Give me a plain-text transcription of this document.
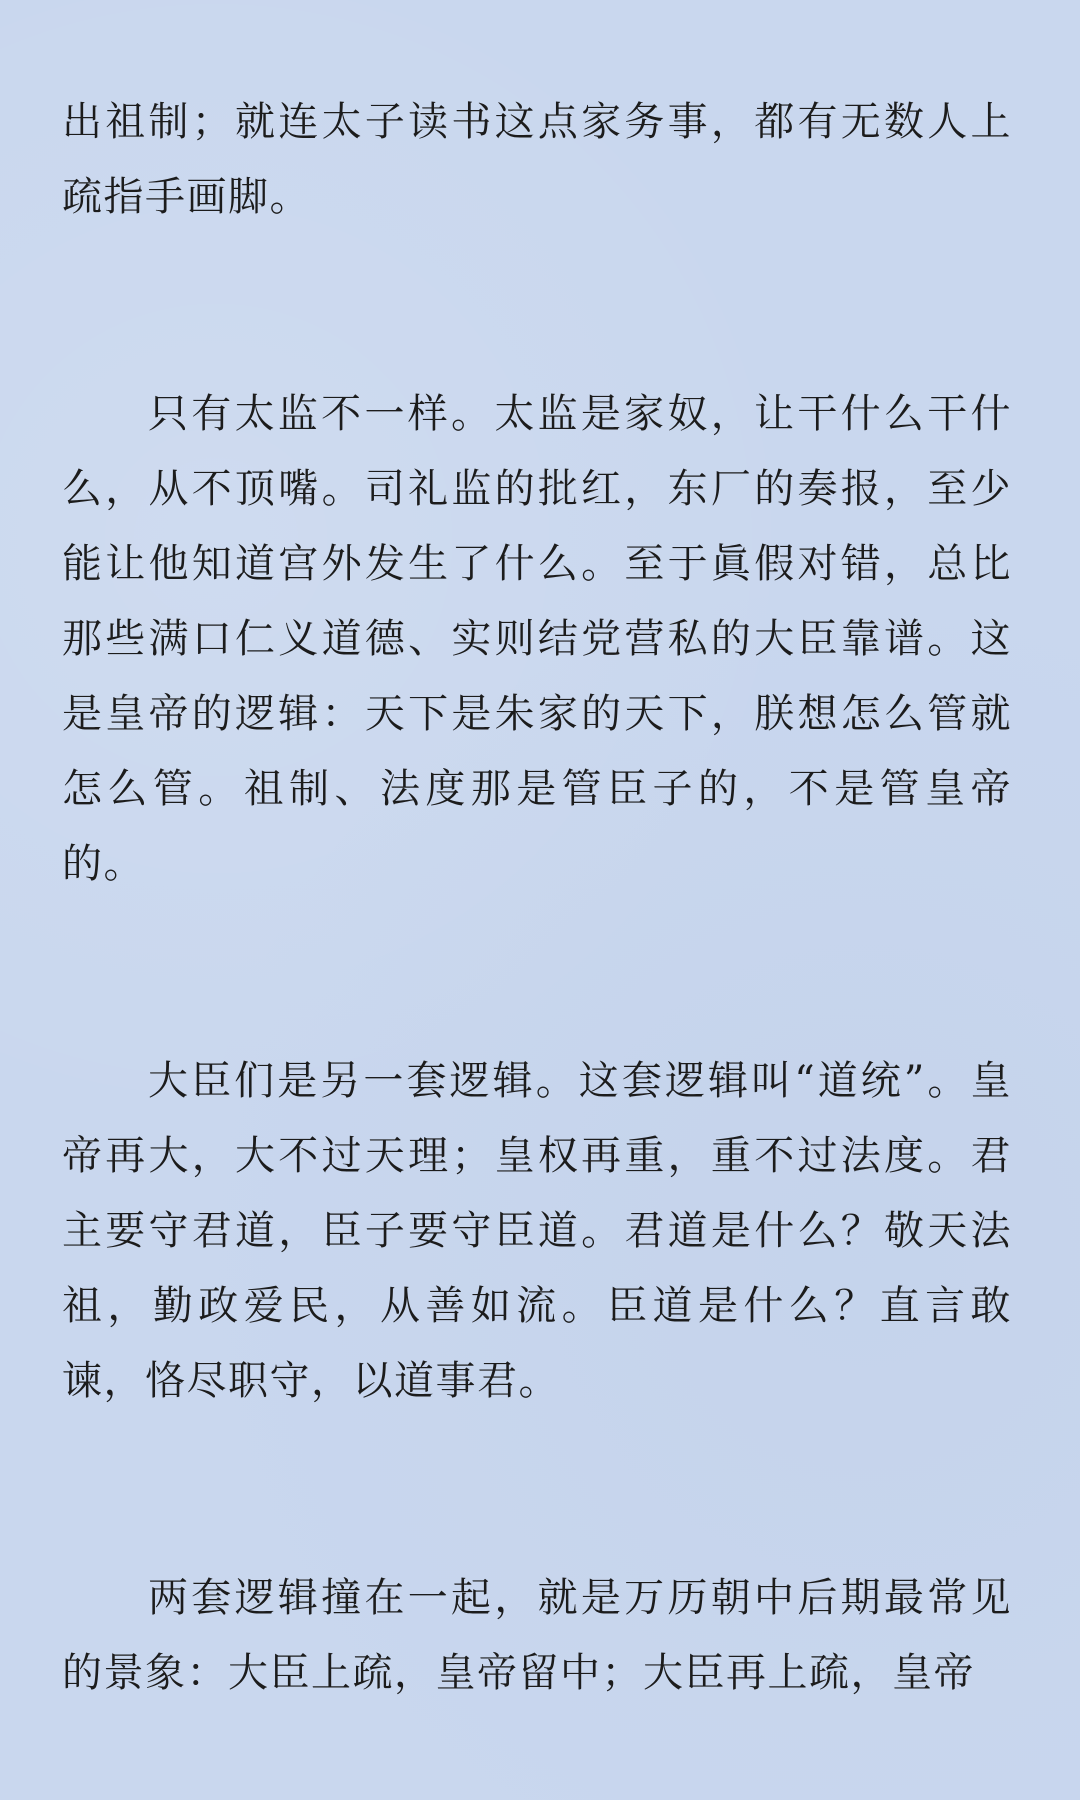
出祖制；就连太子读书这点家务事，都有无数人上疏指手画脚。

只有太监不一样。太监是家奴，让干什么干什么，从不顶嘴。司礼监的批红，东厂的奏报，至少能让他知道宫外发生了什么。至于眞假对错，总比那些满口仁义道德、实则结党营私的大臣靠谱。这是皇帝的逻辑：天下是朱家的天下，朕想怎么管就怎么管。祖制、法度那是管臣子的，不是管皇帝的。

大臣们是另一套逻辑。这套逻辑叫“道统”。皇帝再大，大不过天理；皇权再重，重不过法度。君主要守君道，臣子要守臣道。君道是什么？敬天法祖，勤政爱民，从善如流。臣道是什么？直言敢谏，恪尽职守，以道事君。

两套逻辑撞在一起，就是万历朝中后期最常见的景象：大臣上疏，皇帝留中；大臣再上疏，皇帝
